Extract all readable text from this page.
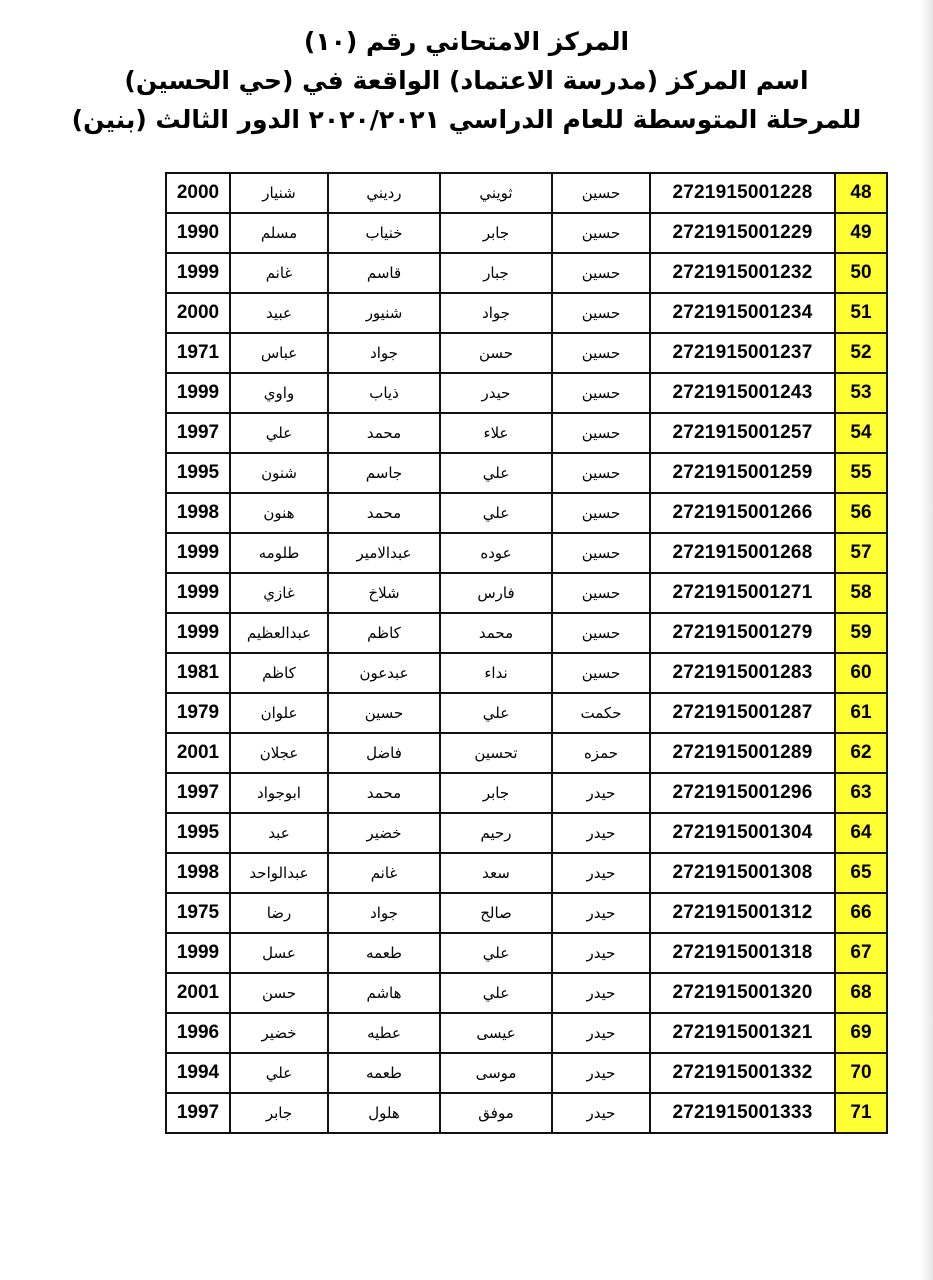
المركز الامتحاني رقم (١٠)
اسم المركز (مدرسة الاعتماد) الواقعة في (حي الحسين)
للمرحلة المتوسطة للعام الدراسي ٢٠٢٠/٢٠٢١ الدور الثالث (بنين)
48	2721915001228	حسين	ثويني	رديني	شنيار	2000
49	2721915001229	حسين	جابر	خنياب	مسلم	1990
50	2721915001232	حسين	جبار	قاسم	غانم	1999
51	2721915001234	حسين	جواد	شنيور	عبيد	2000
52	2721915001237	حسين	حسن	جواد	عباس	1971
53	2721915001243	حسين	حيدر	ذياب	واوي	1999
54	2721915001257	حسين	علاء	محمد	علي	1997
55	2721915001259	حسين	علي	جاسم	شنون	1995
56	2721915001266	حسين	علي	محمد	هنون	1998
57	2721915001268	حسين	عوده	عبدالامير	طلومه	1999
58	2721915001271	حسين	فارس	شلاخ	غازي	1999
59	2721915001279	حسين	محمد	كاظم	عبدالعظيم	1999
60	2721915001283	حسين	نداء	عبدعون	كاظم	1981
61	2721915001287	حكمت	علي	حسين	علوان	1979
62	2721915001289	حمزه	تحسين	فاضل	عجلان	2001
63	2721915001296	حيدر	جابر	محمد	ابوجواد	1997
64	2721915001304	حيدر	رحيم	خضير	عبد	1995
65	2721915001308	حيدر	سعد	غانم	عبدالواحد	1998
66	2721915001312	حيدر	صالح	جواد	رضا	1975
67	2721915001318	حيدر	علي	طعمه	عسل	1999
68	2721915001320	حيدر	علي	هاشم	حسن	2001
69	2721915001321	حيدر	عيسى	عطيه	خضير	1996
70	2721915001332	حيدر	موسى	طعمه	علي	1994
71	2721915001333	حيدر	موفق	هلول	جابر	1997
